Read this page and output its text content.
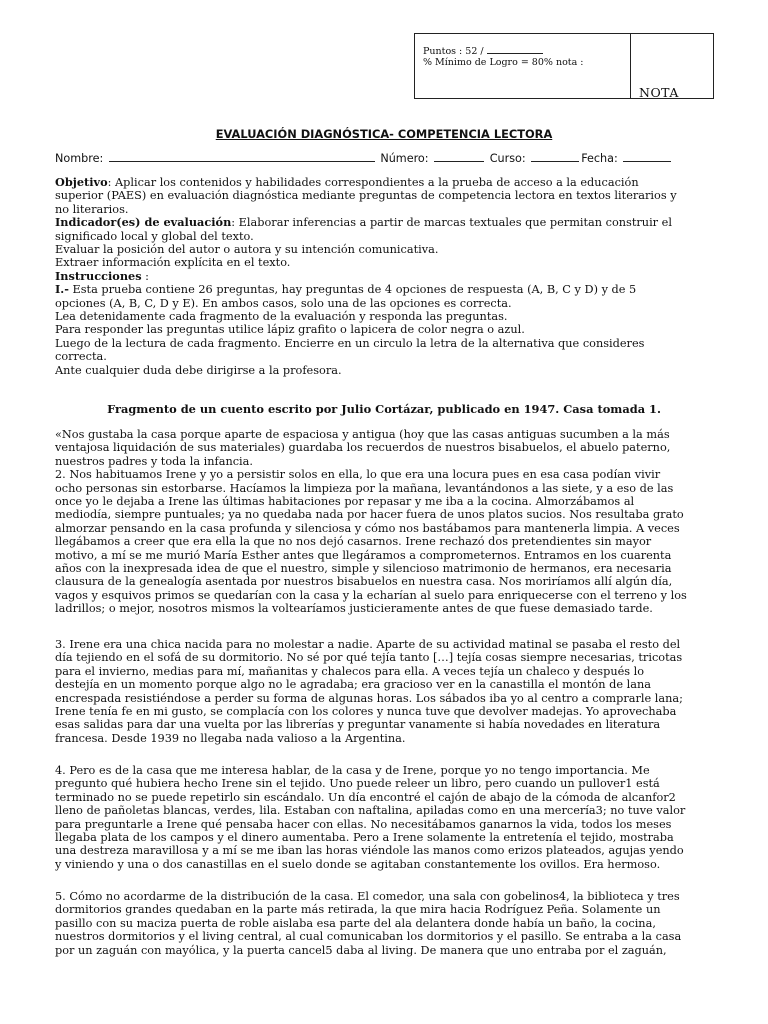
Puntos : 52 /
% Mínimo de Logro = 80% nota :
NOTA
EVALUACIÓN DIAGNÓSTICA- COMPETENCIA LECTORA
Nombre:	Número:	Curso:	Fecha:
Objetivo: Aplicar los contenidos y habilidades correspondientes a la prueba de acceso a la educación
superior (PAES) en evaluación diagnóstica mediante preguntas de competencia lectora en textos literarios y
no literarios.
Indicador(es) de evaluación: Elaborar inferencias a partir de marcas textuales que permitan construir el
significado local y global del texto.
Evaluar la posición del autor o autora y su intención comunicativa.
Extraer información explícita en el texto.
Instrucciones :
I.- Esta prueba contiene 26 preguntas, hay preguntas de 4 opciones de respuesta (A, B, C y D) y de 5
opciones (A, B, C, D y E). En ambos casos, solo una de las opciones es correcta.
Lea detenidamente cada fragmento de la evaluación y responda las preguntas.
Para responder las preguntas utilice lápiz grafito o lapicera de color negra o azul.
Luego de la lectura de cada fragmento. Encierre en un circulo la letra de la alternativa que consideres
correcta.
Ante cualquier duda debe dirigirse a la profesora.
Fragmento de un cuento escrito por Julio Cortázar, publicado en 1947. Casa tomada 1.
«Nos gustaba la casa porque aparte de espaciosa y antigua (hoy que las casas antiguas sucumben a la más
ventajosa liquidación de sus materiales) guardaba los recuerdos de nuestros bisabuelos, el abuelo paterno,
nuestros padres y toda la infancia.
2. Nos habituamos Irene y yo a persistir solos en ella, lo que era una locura pues en esa casa podían vivir
ocho personas sin estorbarse. Hacíamos la limpieza por la mañana, levantándonos a las siete, y a eso de las
once yo le dejaba a Irene las últimas habitaciones por repasar y me iba a la cocina. Almorzábamos al
mediodía, siempre puntuales; ya no quedaba nada por hacer fuera de unos platos sucios. Nos resultaba grato
almorzar pensando en la casa profunda y silenciosa y cómo nos bastábamos para mantenerla limpia. A veces
llegábamos a creer que era ella la que no nos dejó casarnos. Irene rechazó dos pretendientes sin mayor
motivo, a mí se me murió María Esther antes que llegáramos a comprometernos. Entramos en los cuarenta
años con la inexpresada idea de que el nuestro, simple y silencioso matrimonio de hermanos, era necesaria
clausura de la genealogía asentada por nuestros bisabuelos en nuestra casa. Nos moriríamos allí algún día,
vagos y esquivos primos se quedarían con la casa y la echarían al suelo para enriquecerse con el terreno y los
ladrillos; o mejor, nosotros mismos la voltearíamos justicieramente antes de que fuese demasiado tarde.
3. Irene era una chica nacida para no molestar a nadie. Aparte de su actividad matinal se pasaba el resto del
día tejiendo en el sofá de su dormitorio. No sé por qué tejía tanto […] tejía cosas siempre necesarias, tricotas
para el invierno, medias para mí, mañanitas y chalecos para ella. A veces tejía un chaleco y después lo
destejía en un momento porque algo no le agradaba; era gracioso ver en la canastilla el montón de lana
encrespada resistiéndose a perder su forma de algunas horas. Los sábados iba yo al centro a comprarle lana;
Irene tenía fe en mi gusto, se complacía con los colores y nunca tuve que devolver madejas. Yo aprovechaba
esas salidas para dar una vuelta por las librerías y preguntar vanamente si había novedades en literatura
francesa. Desde 1939 no llegaba nada valioso a la Argentina.
4. Pero es de la casa que me interesa hablar, de la casa y de Irene, porque yo no tengo importancia. Me
pregunto qué hubiera hecho Irene sin el tejido. Uno puede releer un libro, pero cuando un pullover1 está
terminado no se puede repetirlo sin escándalo. Un día encontré el cajón de abajo de la cómoda de alcanfor2
lleno de pañoletas blancas, verdes, lila. Estaban con naftalina, apiladas como en una mercería3; no tuve valor
para preguntarle a Irene qué pensaba hacer con ellas. No necesitábamos ganarnos la vida, todos los meses
llegaba plata de los campos y el dinero aumentaba. Pero a Irene solamente la entretenía el tejido, mostraba
una destreza maravillosa y a mí se me iban las horas viéndole las manos como erizos plateados, agujas yendo
y viniendo y una o dos canastillas en el suelo donde se agitaban constantemente los ovillos. Era hermoso.
5. Cómo no acordarme de la distribución de la casa. El comedor, una sala con gobelinos4, la biblioteca y tres
dormitorios grandes quedaban en la parte más retirada, la que mira hacia Rodríguez Peña. Solamente un
pasillo con su maciza puerta de roble aislaba esa parte del ala delantera donde había un baño, la cocina,
nuestros dormitorios y el living central, al cual comunicaban los dormitorios y el pasillo. Se entraba a la casa
por un zaguán con mayólica, y la puerta cancel5 daba al living. De manera que uno entraba por el zaguán,
